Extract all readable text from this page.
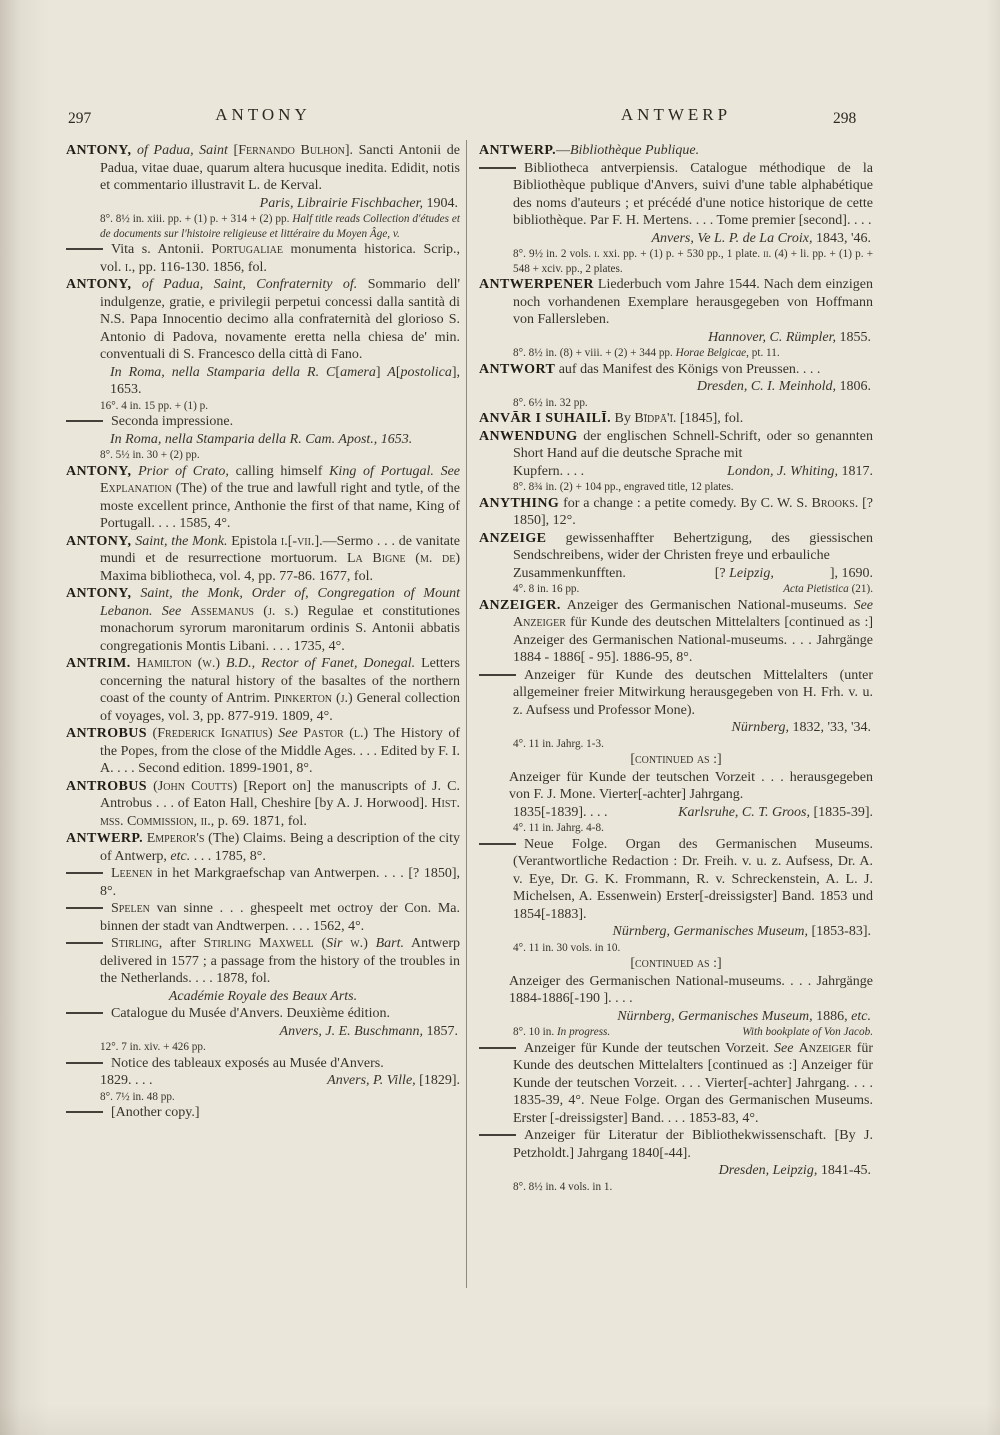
297	ANTONY	ANTWERP	298

ANTONY, of Padua, Saint [Fernando Bulhon]. Sancti Antonii de Padua, vitae duae, quarum altera hucusque inedita. Edidit, notis et commentario illustravit L. de Kerval.

Paris, Librairie Fischbacher, 1904.

8°. 8½ in. xiii. pp. + (1) p. + 314 + (2) pp. Half title reads Collection d'études et de documents sur l'histoire religieuse et littéraire du Moyen Âge, v.

Vita s. Antonii. Portugaliae monumenta historica. Scrip., vol. i., pp. 116-130. 1856, fol.

ANTONY, of Padua, Saint, Confraternity of. Sommario dell' indulgenze, gratie, e privilegii perpetui concessi dalla santità di N.S. Papa Innocentio decimo alla confraternità del glorioso S. Antonio di Padova, novamente eretta nella chiesa de' min. conventuali di S. Francesco della città di Fano.

In Roma, nella Stamparia della R. C[amera] A[postolica], 1653.

16°. 4 in. 15 pp. + (1) p.

Seconda impressione.

In Roma, nella Stamparia della R. Cam. Apost., 1653.

8°. 5½ in. 30 + (2) pp.

ANTONY, Prior of Crato, calling himself King of Portugal. See Explanation (The) of the true and lawfull right and tytle, of the moste excellent prince, Anthonie the first of that name, King of Portugall. . . . 1585, 4°.

ANTONY, Saint, the Monk. Epistola i.[-vii.].—Sermo . . . de vanitate mundi et de resurrectione mortuorum. La Bigne (m. de) Maxima bibliotheca, vol. 4, pp. 77-86. 1677, fol.

ANTONY, Saint, the Monk, Order of, Congregation of Mount Lebanon. See Assemanus (j. s.) Regulae et constitutiones monachorum syrorum maronitarum ordinis S. Antonii abbatis congregationis Montis Libani. . . . 1735, 4°.

ANTRIM. Hamilton (w.) B.D., Rector of Fanet, Donegal. Letters concerning the natural history of the basaltes of the northern coast of the county of Antrim. Pinkerton (j.) General collection of voyages, vol. 3, pp. 877-919. 1809, 4°.

ANTROBUS (Frederick Ignatius) See Pastor (l.) The History of the Popes, from the close of the Middle Ages. . . . Edited by F. I. A. . . . Second edition. 1899-1901, 8°.

ANTROBUS (John Coutts) [Report on] the manuscripts of J. C. Antrobus . . . of Eaton Hall, Cheshire [by A. J. Horwood]. Hist. mss. Commission, ii., p. 69. 1871, fol.

ANTWERP. Emperor's (The) Claims. Being a description of the city of Antwerp, etc. . . . 1785, 8°.

Leenen in het Markgraefschap van Antwerpen. . . . [? 1850], 8°.

Spelen van sinne . . . ghespeelt met octroy der Con. Ma. binnen der stadt van Andtwerpen. . . . 1562, 4°.

Stirling, after Stirling Maxwell (Sir w.) Bart. Antwerp delivered in 1577 ; a passage from the history of the troubles in the Netherlands. . . . 1878, fol.

Académie Royale des Beaux Arts.

Catalogue du Musée d'Anvers. Deuxième édition.

Anvers, J. E. Buschmann, 1857.

12°. 7 in. xiv. + 426 pp.

Notice des tableaux exposés au Musée d'Anvers.

1829. . . .	Anvers, P. Ville, [1829].

8°. 7½ in. 48 pp.

[Another copy.]

ANTWERP.—Bibliothèque Publique.

Bibliotheca antverpiensis. Catalogue méthodique de la Bibliothèque publique d'Anvers, suivi d'une table alphabétique des noms d'auteurs ; et précédé d'une notice historique de cette bibliothèque. Par F. H. Mertens. . . . Tome premier [second]. . . .

Anvers, Ve L. P. de La Croix, 1843, '46.

8°. 9½ in. 2 vols. i. xxi. pp. + (1) p. + 530 pp., 1 plate. ii. (4) + li. pp. + (1) p. + 548 + xciv. pp., 2 plates.

ANTWERPENER Liederbuch vom Jahre 1544. Nach dem einzigen noch vorhandenen Exemplare herausgegeben von Hoffmann von Fallersleben.

Hannover, C. Rümpler, 1855.

8°. 8½ in. (8) + viii. + (2) + 344 pp. Horae Belgicae, pt. 11.

ANTWORT auf das Manifest des Königs von Preussen. . . .

Dresden, C. I. Meinhold, 1806.

8°. 6½ in. 32 pp.

ANVĀR I SUHAILĪ. By Bīdpā'ī. [1845], fol.

ANWENDUNG der englischen Schnell-Schrift, oder so genannten Short Hand auf die deutsche Sprache mit

Kupfern. . . .	London, J. Whiting, 1817.

8°. 8¾ in. (2) + 104 pp., engraved title, 12 plates.

ANYTHING for a change : a petite comedy. By C. W. S. Brooks. [? 1850], 12°.

ANZEIGE gewissenhaffter Behertzigung, des giessischen Sendschreibens, wider der Christen freye und erbauliche

Zusammenkunfften.	[? Leipzig,    ], 1690.

4°. 8 in. 16 pp.	Acta Pietistica (21).

ANZEIGER. Anzeiger des Germanischen National-museums. See Anzeiger für Kunde des deutschen Mittelalters [continued as :] Anzeiger des Germanischen National-museums. . . . Jahrgänge 1884 - 1886[ - 95]. 1886-95, 8°.

Anzeiger für Kunde des deutschen Mittelalters (unter allgemeiner freier Mitwirkung herausgegeben von H. Frh. v. u. z. Aufsess und Professor Mone).

Nürnberg, 1832, '33, '34.

4°. 11 in. Jahrg. 1-3.

[continued as :]

Anzeiger für Kunde der teutschen Vorzeit . . . herausgegeben von F. J. Mone. Vierter[-achter] Jahrgang.

1835[-1839]. . . .	Karlsruhe, C. T. Groos, [1835-39].

4°. 11 in. Jahrg. 4-8.

Neue Folge. Organ des Germanischen Museums. (Verantwortliche Redaction : Dr. Freih. v. u. z. Aufsess, Dr. A. v. Eye, Dr. G. K. Frommann, R. v. Schreckenstein, A. L. J. Michelsen, A. Essenwein) Erster[-dreissigster] Band. 1853 und 1854[-1883].

Nürnberg, Germanisches Museum, [1853-83].

4°. 11 in. 30 vols. in 10.

[continued as :]

Anzeiger des Germanischen National-museums. . . . Jahrgänge 1884-1886[-190 ]. . . .

Nürnberg, Germanisches Museum, 1886, etc.

8°. 10 in. In progress.	With bookplate of Von Jacob.

Anzeiger für Kunde der teutschen Vorzeit. See Anzeiger für Kunde des deutschen Mittelalters [continued as :] Anzeiger für Kunde der teutschen Vorzeit. . . . Vierter[-achter] Jahrgang. . . . 1835-39, 4°. Neue Folge. Organ des Germanischen Museums. Erster [-dreissigster] Band. . . . 1853-83, 4°.

Anzeiger für Literatur der Bibliothekwissenschaft. [By J. Petzholdt.] Jahrgang 1840[-44].

Dresden, Leipzig, 1841-45.

8°. 8½ in. 4 vols. in 1.
